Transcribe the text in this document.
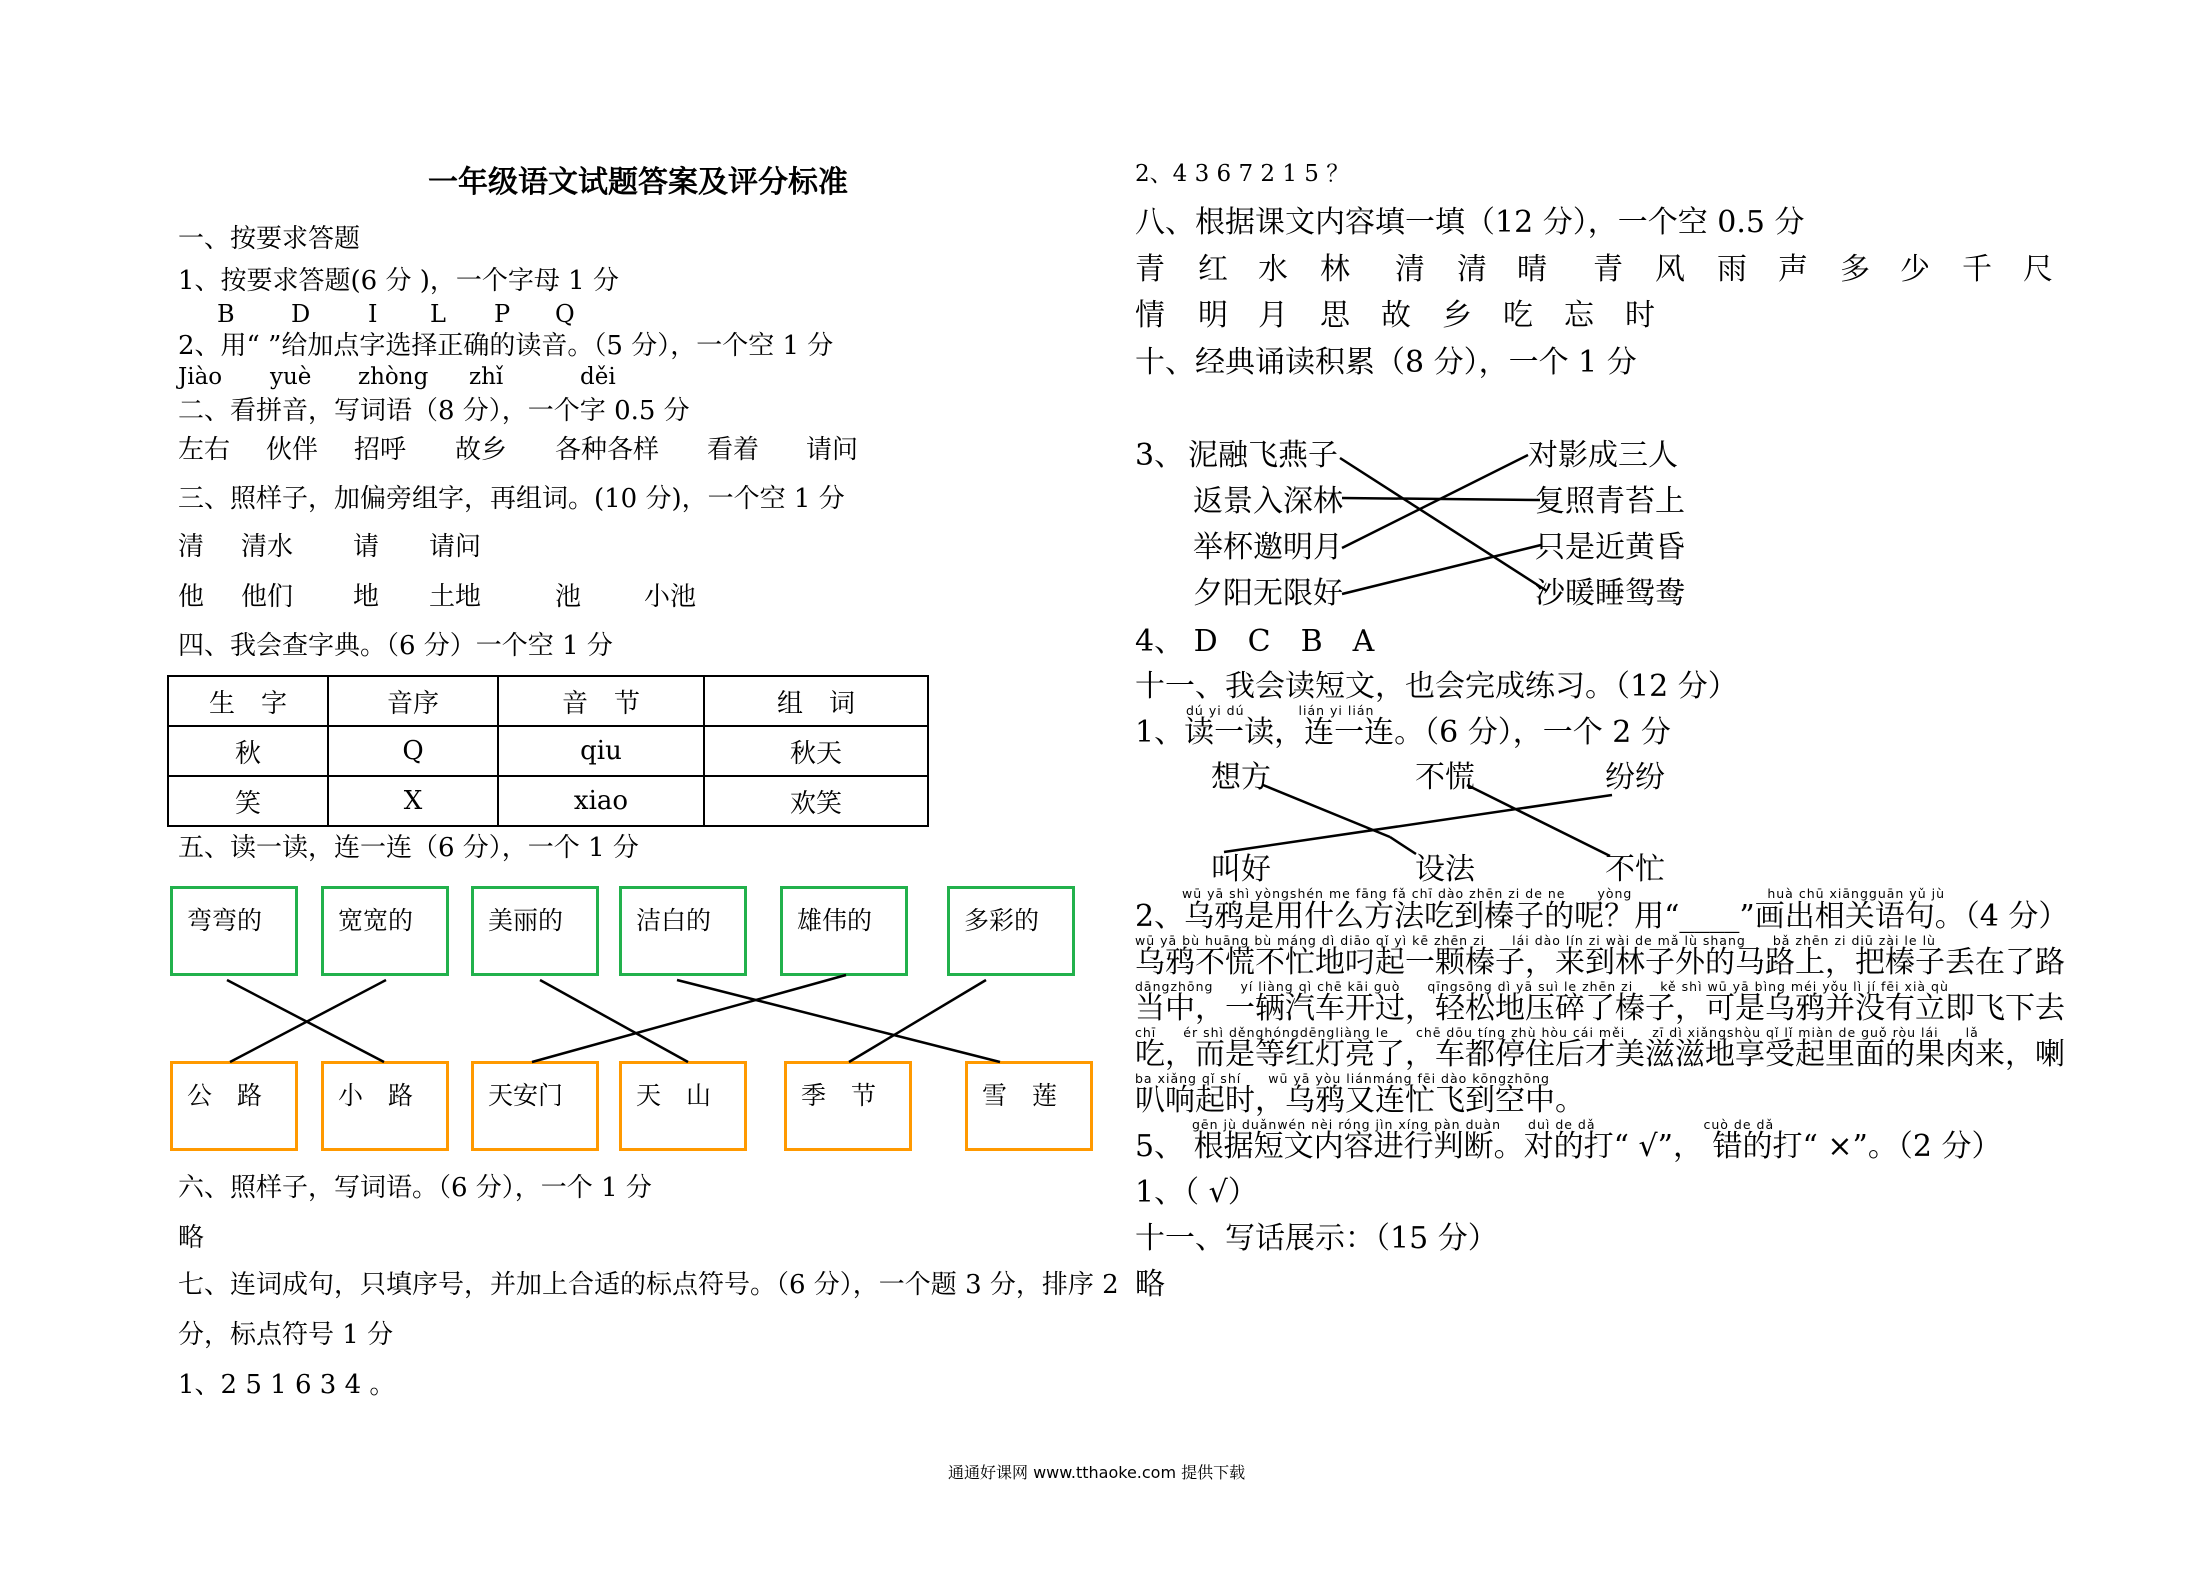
一年级语文试题答案及评分标准
一、按要求答题
1、按要求答题(6 分 )，一个字母 1 分
B D I L P Q
2、用“ ”给加点字选择正确的读音。（5 分），一个空 1 分
Jiào yuè zhòng zhǐ	děi
二、看拼音，写词语（8 分），一个字 0.5 分
左右 伙伴 招呼 故乡 各种各样 看着 请问
三、照样子，加偏旁组字，再组词。(10 分)，一个空 1 分
清 清水 请 请问
他 他们 地 土地	池 小池
四、我会查字典。（6 分）一个空 1 分
生　字	音序	音　节	组　词
秋	Q	qiu	秋天
笑	X	xiao	欢笑
五、读一读，连一连（6 分），一个 1 分
弯弯的	宽宽的	美丽的	洁白的	雄伟的	多彩的
公　路	小　路	天安门	天　山	季　节	雪　莲
六、照样子，写词语。（6 分），一个 1 分
略
七、连词成句，只填序号，并加上合适的标点符号。（6 分），一个题 3 分，排序 2
分，标点符号 1 分
1、2 5 1 6 3 4 。
2、4 3 6 7 2 1 5 ？
八、根据课文内容填一填（12 分），一个空 0.5 分
青 红 水 林 清 清 晴 青 风 雨 声 多 少 千 尺
情 明 月 思 故 乡 吃 忘 时
十、经典诵读积累（8 分），一个 1 分
3、 泥融飞燕子
返景入深林
举杯邀明月
夕阳无限好
对影成三人
复照青苔上
只是近黄昏
沙暖睡鸳鸯
4、 D　C　B　A
十一、我会读短文，也会完成练习。（12 分）
dú yi dú　　　　lián yi lián
1、读一读，连一连。（6 分），一个 2 分
想方	不慌	纷纷
叫好	设法	不忙
wū yā shì yòngshén me fāng fǎ chī dào zhēn zi de ne　　 yòng　　　　　　　　　　huà chū xiāngguān yǔ jù
2、乌鸦是用什么方法吃到榛子的呢？用“____”画出相关语句。（4 分）
wū yā bù huāng bù máng dì diāo qǐ yì kē zhēn zi　　lái dào lín zi wài de mǎ lù shang　　bǎ zhēn zi diū zài le lù
乌鸦不慌不忙地叼起一颗榛子，来到林子外的马路上，把榛子丢在了路
dāngzhōng　　yí liàng qì chē kāi guò　　qīngsōng dì yā suì le zhēn zi　　kě shì wū yā bìng méi yǒu lì jí fēi xià qù
当中，一辆汽车开过，轻松地压碎了榛子，可是乌鸦并没有立即飞下去
chī　　ér shì děnghóngdēngliàng le　　chē dōu tíng zhù hòu cái měi　　zī dì xiǎngshòu qǐ lǐ miàn de guǒ ròu lái　　lǎ
吃，而是等红灯亮了，车都停住后才美滋滋地享受起里面的果肉来，喇
ba xiǎng qǐ shí　　wū yā yòu liánmáng fēi dào kōngzhōng
叭响起时，乌鸦又连忙飞到空中。
gēn jù duǎnwén nèi róng jìn xíng pàn duàn　　duì de dǎ　　　　　　　　cuò de dǎ
5、 根据短文内容进行判断。对的打“ √”， 错的打“ ×”。（2 分）
1、（ √）
十一、写话展示：（15 分）
略
通通好课网 www.tthaoke.com 提供下载
